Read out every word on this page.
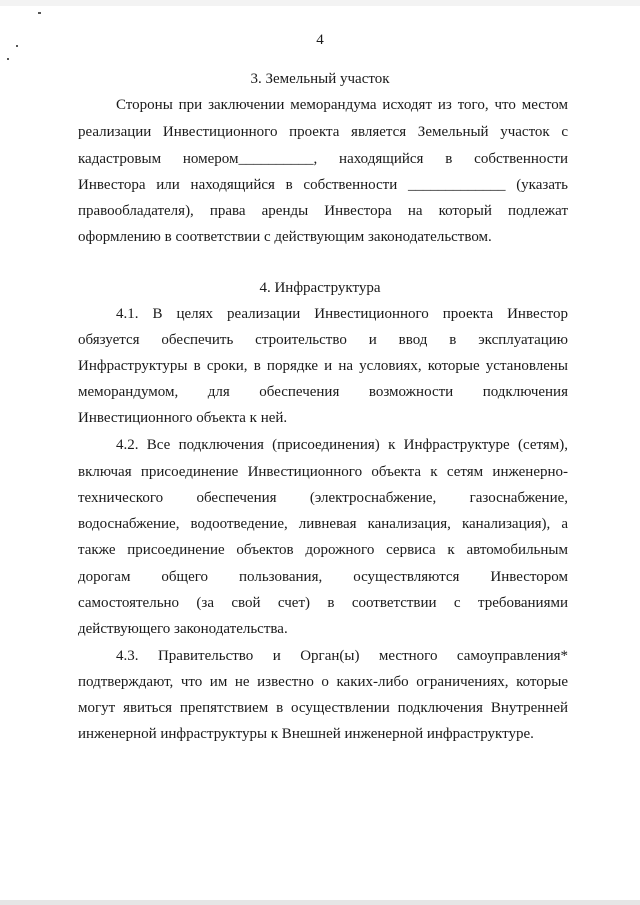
4
3. Земельный участок
Стороны при заключении меморандума исходят из того, что местом
реализации Инвестиционного проекта является Земельный участок с
кадастровым номером__________, находящийся в собственности
Инвестора или находящийся в собственности _____________ (указать
правообладателя), права аренды Инвестора на который подлежат
оформлению в соответствии с действующим законодательством.
4. Инфраструктура
4.1. В целях реализации Инвестиционного проекта Инвестор
обязуется обеспечить строительство и ввод в эксплуатацию
Инфраструктуры в сроки, в порядке и на условиях, которые установлены
меморандумом, для обеспечения возможности подключения
Инвестиционного объекта к ней.
4.2. Все подключения (присоединения) к Инфраструктуре (сетям),
включая присоединение Инвестиционного объекта к сетям инженерно-
технического обеспечения (электроснабжение, газоснабжение,
водоснабжение, водоотведение, ливневая канализация, канализация), а
также присоединение объектов дорожного сервиса к автомобильным
дорогам общего пользования, осуществляются Инвестором
самостоятельно (за свой счет) в соответствии с требованиями
действующего законодательства.
4.3. Правительство и Орган(ы) местного самоуправления*
подтверждают, что им не известно о каких-либо ограничениях, которые
могут явиться препятствием в осуществлении подключения Внутренней
инженерной инфраструктуры к Внешней инженерной инфраструктуре.
